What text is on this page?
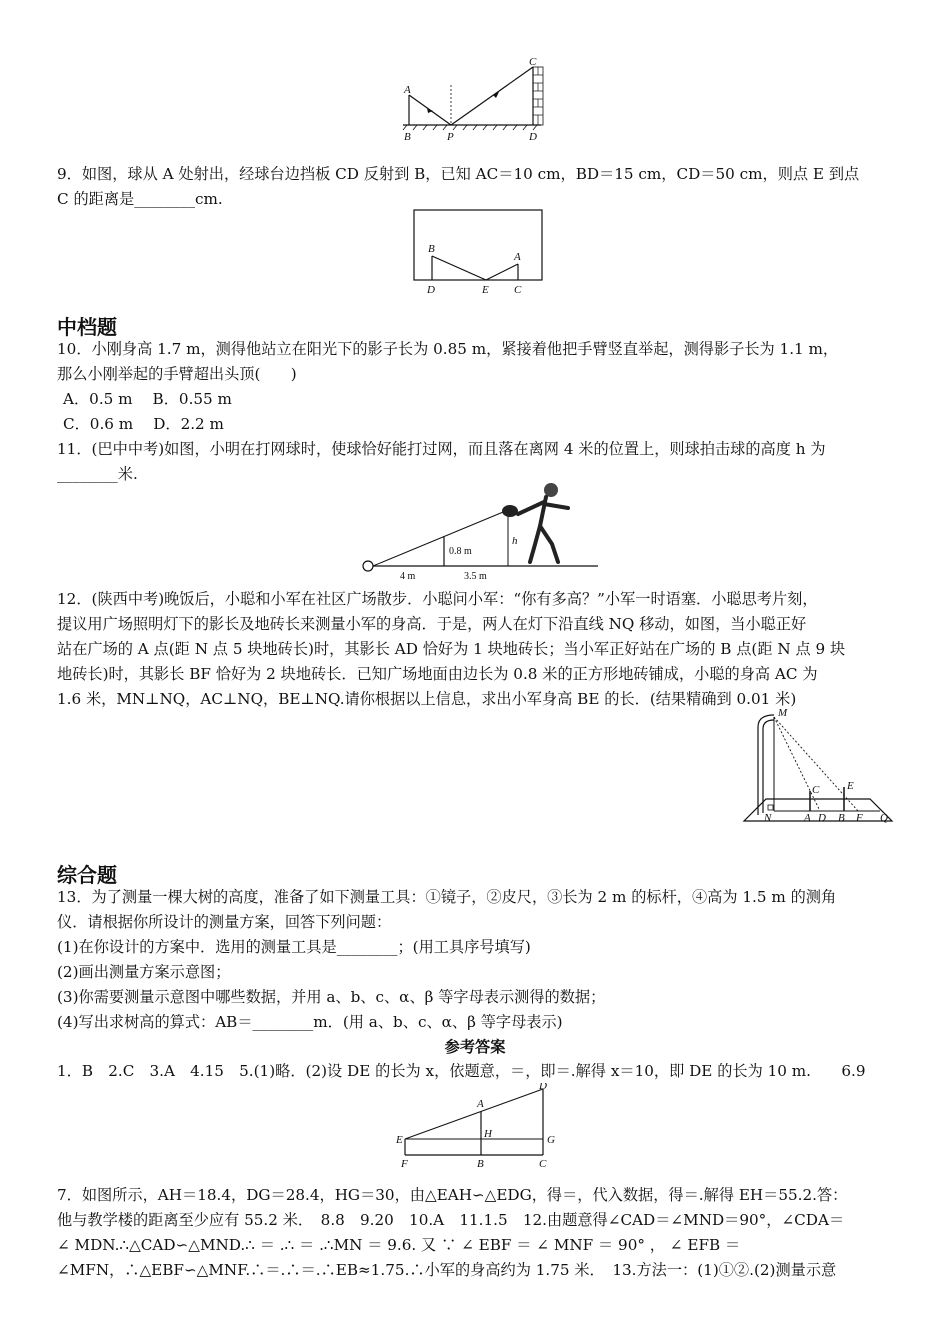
A
B	P
C
D
9．如图，球从 A 处射出，经球台边挡板 CD 反射到 B，已知 AC＝10 cm，BD＝15 cm，CD＝50 cm，则点 E 到点
C 的距离是________cm.
B
A
D	E C
中档题
10．小刚身高 1.7 m，测得他站立在阳光下的影子长为 0.85 m，紧接着他把手臂竖直举起，测得影子长为 1.1 m，
那么小刚举起的手臂超出头顶(　　)
A．0.5 m　 B．0.55 m
C．0.6 m　 D．2.2 m
11．(巴中中考)如图，小明在打网球时，使球恰好能打过网，而且落在离网 4 米的位置上，则球拍击球的高度 h 为
________米.
0.8 m
h
4 m	3.5 m
12．(陕西中考)晚饭后，小聪和小军在社区广场散步．小聪问小军：“你有多高？”小军一时语塞．小聪思考片刻，
提议用广场照明灯下的影长及地砖长来测量小军的身高．于是，两人在灯下沿直线 NQ 移动，如图，当小聪正好
站在广场的 A 点(距 N 点 5 块地砖长)时，其影长 AD 恰好为 1 块地砖长；当小军正好站在广场的 B 点(距 N 点 9 块
地砖长)时，其影长 BF 恰好为 2 块地砖长．已知广场地面由边长为 0.8 米的正方形地砖铺成，小聪的身高 AC 为
1.6 米，MN⊥NQ，AC⊥NQ，BE⊥NQ.请你根据以上信息，求出小军身高 BE 的长．(结果精确到 0.01 米)
M
C	E
N	A D B F Q
综合题
13．为了测量一棵大树的高度，准备了如下测量工具：①镜子，②皮尺，③长为 2 m 的标杆，④高为 1.5 m 的测角
仪．请根据你所设计的测量方案，回答下列问题：
(1)在你设计的方案中．选用的测量工具是________；(用工具序号填写)
(2)画出测量方案示意图；
(3)你需要测量示意图中哪些数据，并用 a、b、c、α、β 等字母表示测得的数据；
(4)写出求树高的算式：AB＝________m．(用 a、b、c、α、β 等字母表示)
参考答案
1．B　2.C　3.A　4.15　5.(1)略．(2)设 DE 的长为 x，依题意，＝，即＝.解得 x＝10，即 DE 的长为 10 m.　　6.9
D
A
H
E	G
F	B	C
7．如图所示，AH＝18.4，DG＝28.4，HG＝30，由△EAH∽△EDG，得＝，代入数据，得＝.解得 EH＝55.2.答：
他与教学楼的距离至少应有 55.2 米．　8.8　9.20　10.A　11.1.5　12.由题意得∠CAD＝∠MND＝90°，∠CDA＝
∠ MDN.∴△CAD∽△MND.∴ ＝ .∴ ＝ .∴MN ＝ 9.6. 又 ∵ ∠ EBF ＝ ∠ MNF ＝ 90° ， ∠ EFB ＝
∠MFN，∴△EBF∽△MNF.∴＝.∴＝.∴EB≈1.75.∴小军的身高约为 1.75 米．　13.方法一：(1)①②.(2)测量示意
